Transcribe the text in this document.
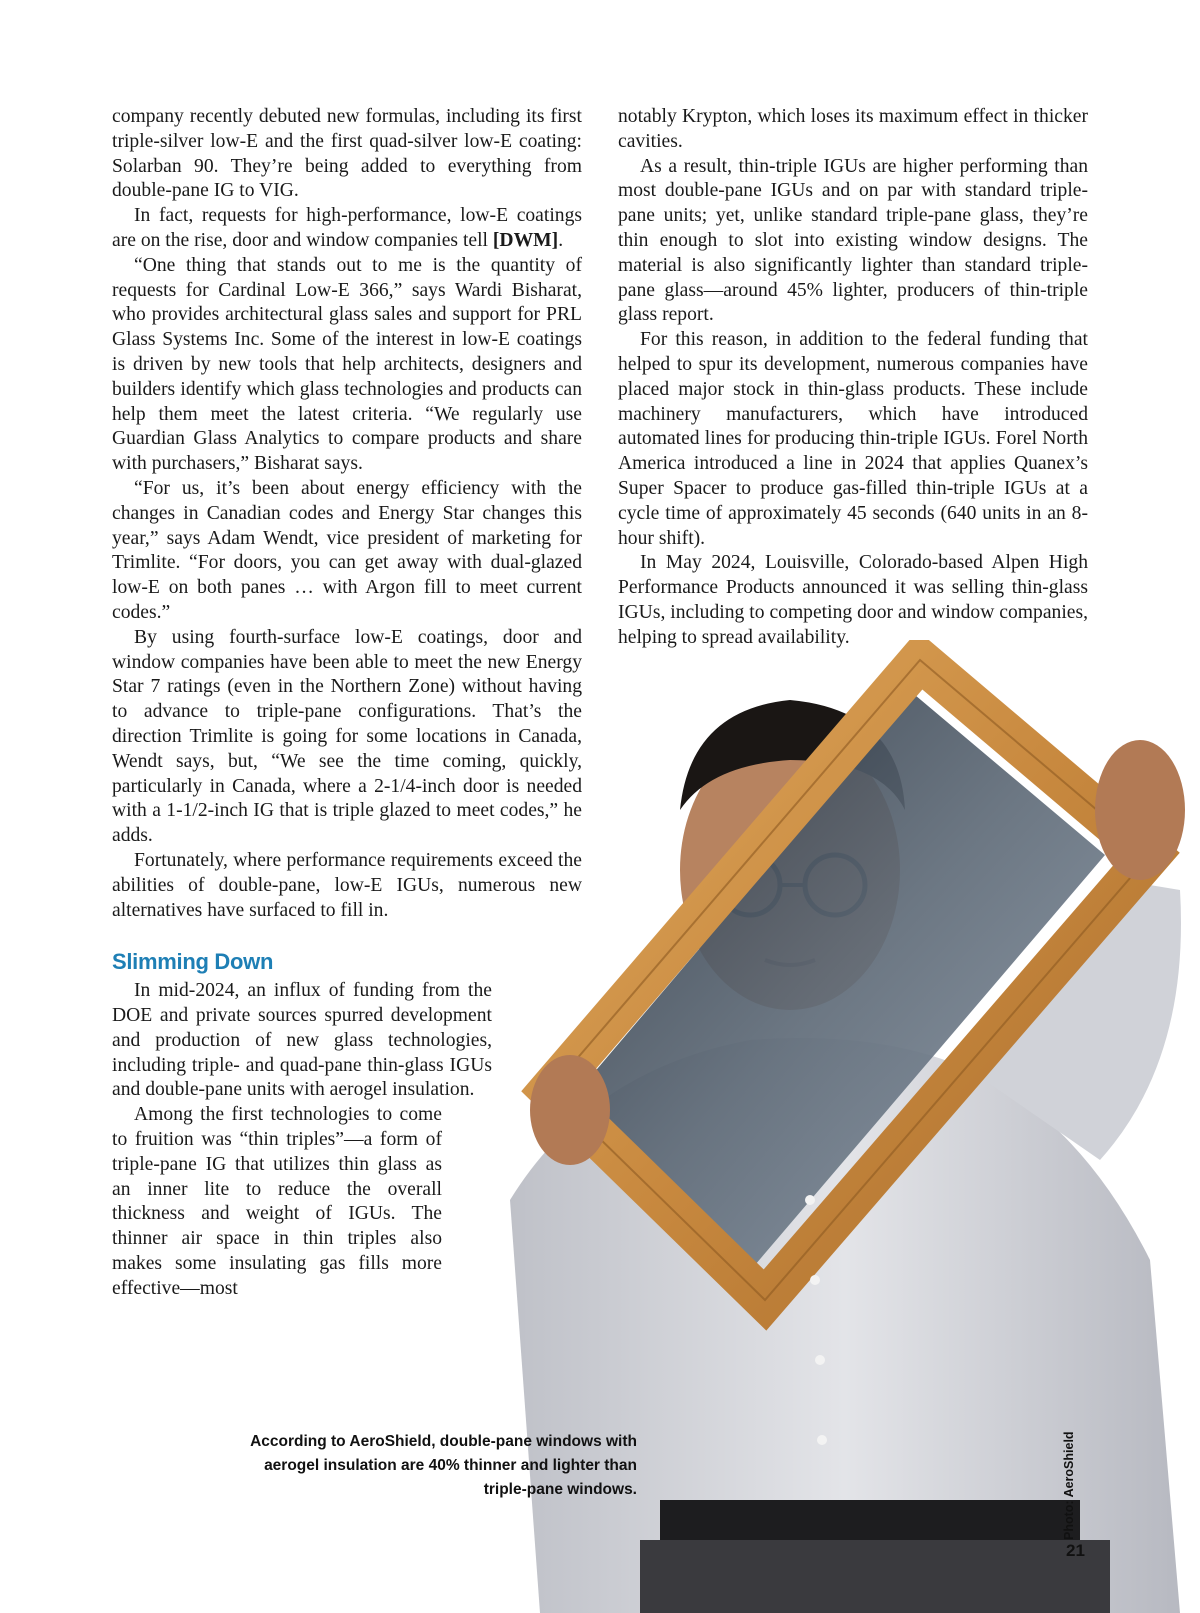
company recently debuted new formulas, including its first triple-silver low-E and the first quad-silver low-E coating: Solarban 90. They’re being added to everything from double-pane IG to VIG.

In fact, requests for high-performance, low-E coatings are on the rise, door and window companies tell [DWM].

“One thing that stands out to me is the quantity of requests for Cardinal Low-E 366,” says Wardi Bisharat, who provides architectural glass sales and support for PRL Glass Systems Inc. Some of the interest in low-E coatings is driven by new tools that help architects, designers and builders identify which glass technologies and products can help them meet the latest criteria. “We regularly use Guardian Glass Analytics to compare products and share with purchasers,” Bisharat says.

“For us, it’s been about energy efficiency with the changes in Canadian codes and Energy Star changes this year,” says Adam Wendt, vice president of marketing for Trimlite. “For doors, you can get away with dual-glazed low-E on both panes … with Argon fill to meet current codes.”

By using fourth-surface low-E coatings, door and window companies have been able to meet the new Energy Star 7 ratings (even in the Northern Zone) without having to advance to triple-pane configurations. That’s the direction Trimlite is going for some locations in Canada, Wendt says, but, “We see the time coming, quickly, particularly in Canada, where a 2-1/4-inch door is needed with a 1-1/2-inch IG that is triple glazed to meet codes,” he adds.

Fortunately, where performance requirements exceed the abilities of double-pane, low-E IGUs, numerous new alternatives have surfaced to fill in.

Slimming Down

In mid-2024, an influx of funding from the DOE and private sources spurred development and production of new glass technologies, including triple- and quad-pane thin-glass IGUs and double-pane units with aerogel insulation.

Among the first technologies to come to fruition was “thin triples”—a form of triple-pane IG that utilizes thin glass as an inner lite to reduce the overall thickness and weight of IGUs. The thinner air space in thin triples also makes some insulating gas fills more effective—most

notably Krypton, which loses its maximum effect in thicker cavities.

As a result, thin-triple IGUs are higher performing than most double-pane IGUs and on par with standard triple-pane units; yet, unlike standard triple-pane glass, they’re thin enough to slot into existing window designs. The material is also significantly lighter than standard triple-pane glass—around 45% lighter, producers of thin-triple glass report.

For this reason, in addition to the federal funding that helped to spur its development, numerous companies have placed major stock in thin-glass products. These include machinery manufacturers, which have introduced automated lines for producing thin-triple IGUs. Forel North America introduced a line in 2024 that applies Quanex’s Super Spacer to produce gas-filled thin-triple IGUs at a cycle time of approximately 45 seconds (640 units in an 8-hour shift).

In May 2024, Louisville, Colorado-based Alpen High Performance Products announced it was selling thin-glass IGUs, including to competing door and window companies, helping to spread availability.

According to AeroShield, double-pane windows with aerogel insulation are 40% thinner and lighter than triple-pane windows.	Photo: AeroShield
21
